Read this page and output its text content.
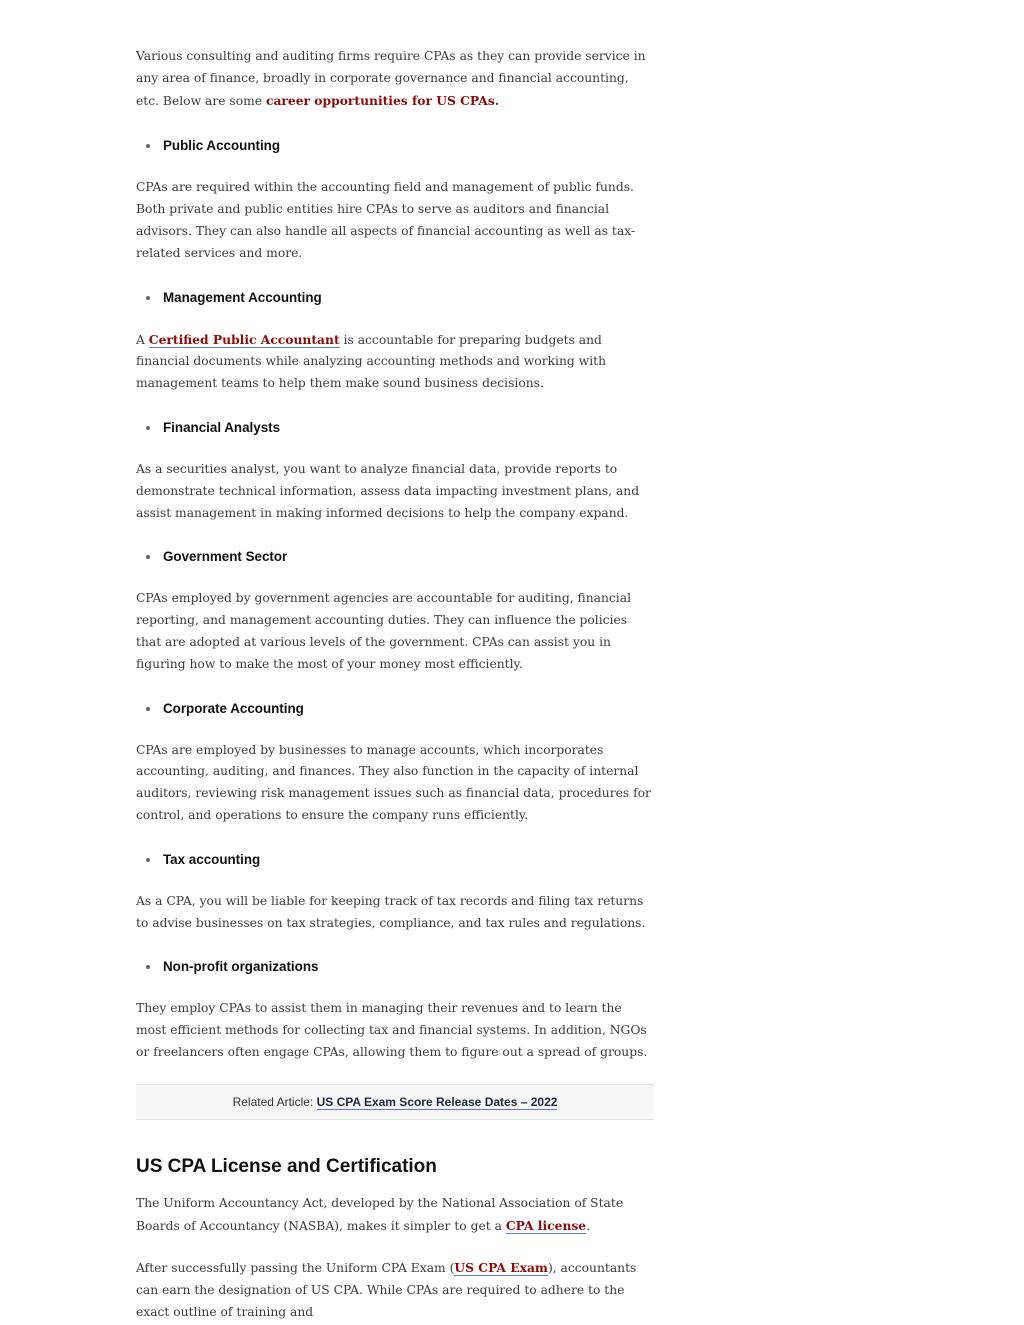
Various consulting and auditing firms require CPAs as they can provide service in any area of finance, broadly in corporate governance and financial accounting, etc. Below are some career opportunities for US CPAs.

Public Accounting

CPAs are required within the accounting field and management of public funds. Both private and public entities hire CPAs to serve as auditors and financial advisors. They can also handle all aspects of financial accounting as well as tax-related services and more.

Management Accounting

A Certified Public Accountant is accountable for preparing budgets and financial documents while analyzing accounting methods and working with management teams to help them make sound business decisions.

Financial Analysts

As a securities analyst, you want to analyze financial data, provide reports to demonstrate technical information, assess data impacting investment plans, and assist management in making informed decisions to help the company expand.

Government Sector

CPAs employed by government agencies are accountable for auditing, financial reporting, and management accounting duties. They can influence the policies that are adopted at various levels of the government. CPAs can assist you in figuring how to make the most of your money most efficiently.

Corporate Accounting

CPAs are employed by businesses to manage accounts, which incorporates accounting, auditing, and finances. They also function in the capacity of internal auditors, reviewing risk management issues such as financial data, procedures for control, and operations to ensure the company runs efficiently.

Tax accounting

As a CPA, you will be liable for keeping track of tax records and filing tax returns to advise businesses on tax strategies, compliance, and tax rules and regulations.

Non-profit organizations

They employ CPAs to assist them in managing their revenues and to learn the most efficient methods for collecting tax and financial systems. In addition, NGOs or freelancers often engage CPAs, allowing them to figure out a spread of groups.

Related Article: US CPA Exam Score Release Dates – 2022
US CPA License and Certification

The Uniform Accountancy Act, developed by the National Association of State Boards of Accountancy (NASBA), makes it simpler to get a CPA license.

After successfully passing the Uniform CPA Exam (US CPA Exam), accountants can earn the designation of US CPA. While CPAs are required to adhere to the exact outline of training and
